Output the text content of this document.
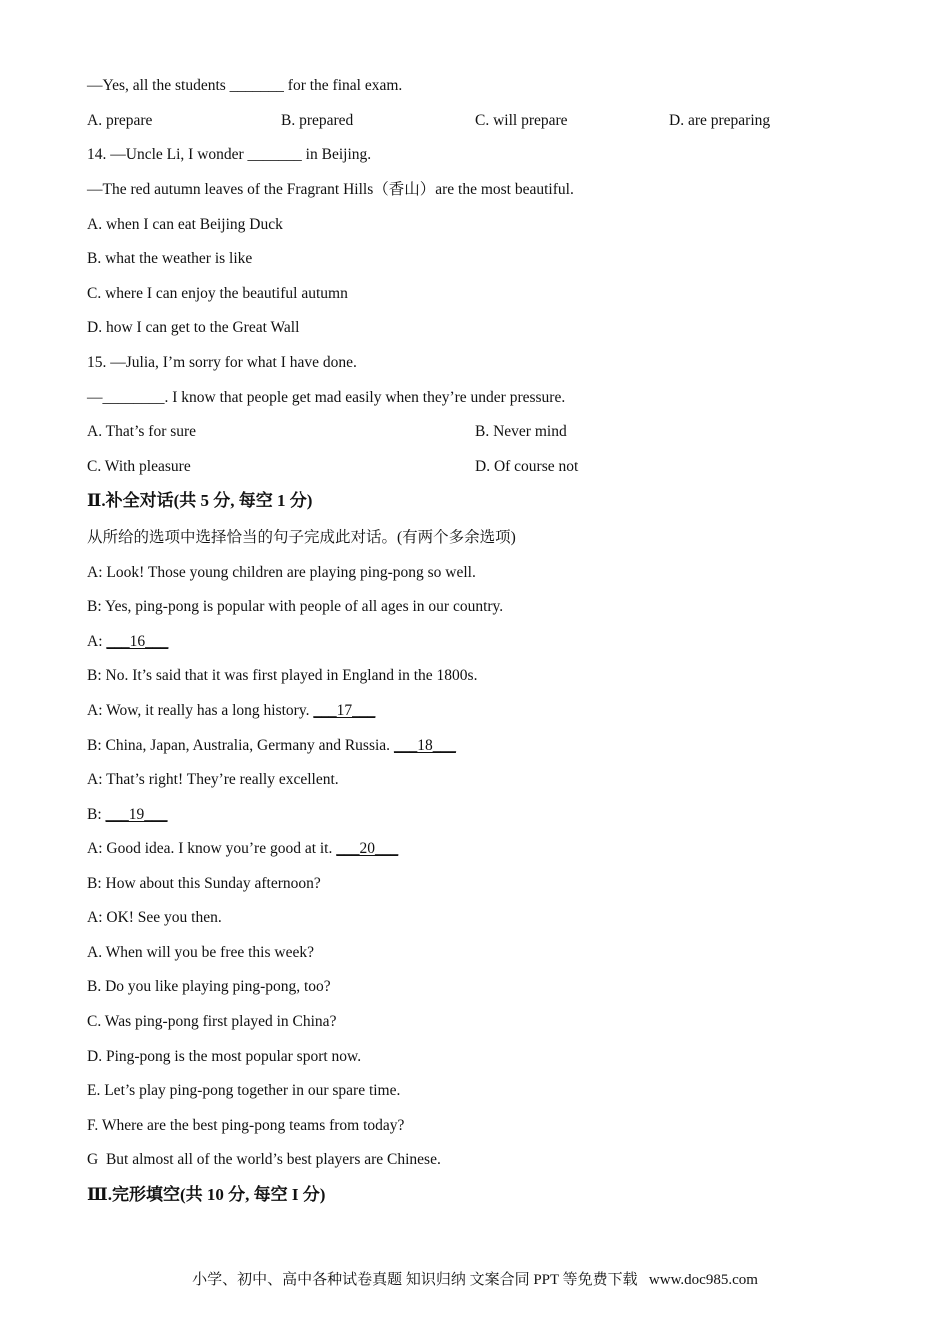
—Yes, all the students _______ for the final exam.
A. prepare	B. prepared	C. will prepare	D. are preparing
14. —Uncle Li, I wonder _______ in Beijing.
—The red autumn leaves of the Fragrant Hills（香山）are the most beautiful.
A. when I can eat Beijing Duck
B. what the weather is like
C. where I can enjoy the beautiful autumn
D. how I can get to the Great Wall
15. —Julia, I’m sorry for what I have done.
—________. I know that people get mad easily when they’re under pressure.
A. That’s for sure	B. Never mind
C. With pleasure	D. Of course not
Ⅱ.补全对话(共 5 分, 每空 1 分)
从所给的选项中选择恰当的句子完成此对话。(有两个多余选项)
A: Look! Those young children are playing ping-pong so well.
B: Yes, ping-pong is popular with people of all ages in our country.
A: ___16___
B: No. It’s said that it was first played in England in the 1800s.
A: Wow, it really has a long history. ___17___
B: China, Japan, Australia, Germany and Russia. ___18___
A: That’s right! They’re really excellent.
B: ___19___
A: Good idea. I know you’re good at it. ___20___
B: How about this Sunday afternoon?
A: OK! See you then.
A. When will you be free this week?
B. Do you like playing ping-pong, too?
C. Was ping-pong first played in China?
D. Ping-pong is the most popular sport now.
E. Let’s play ping-pong together in our spare time.
F. Where are the best ping-pong teams from today?
G  But almost all of the world’s best players are Chinese.
Ⅲ.完形填空(共 10 分, 每空 I 分)
小学、初中、高中各种试卷真题 知识归纳 文案合同 PPT 等免费下载   www.doc985.com
